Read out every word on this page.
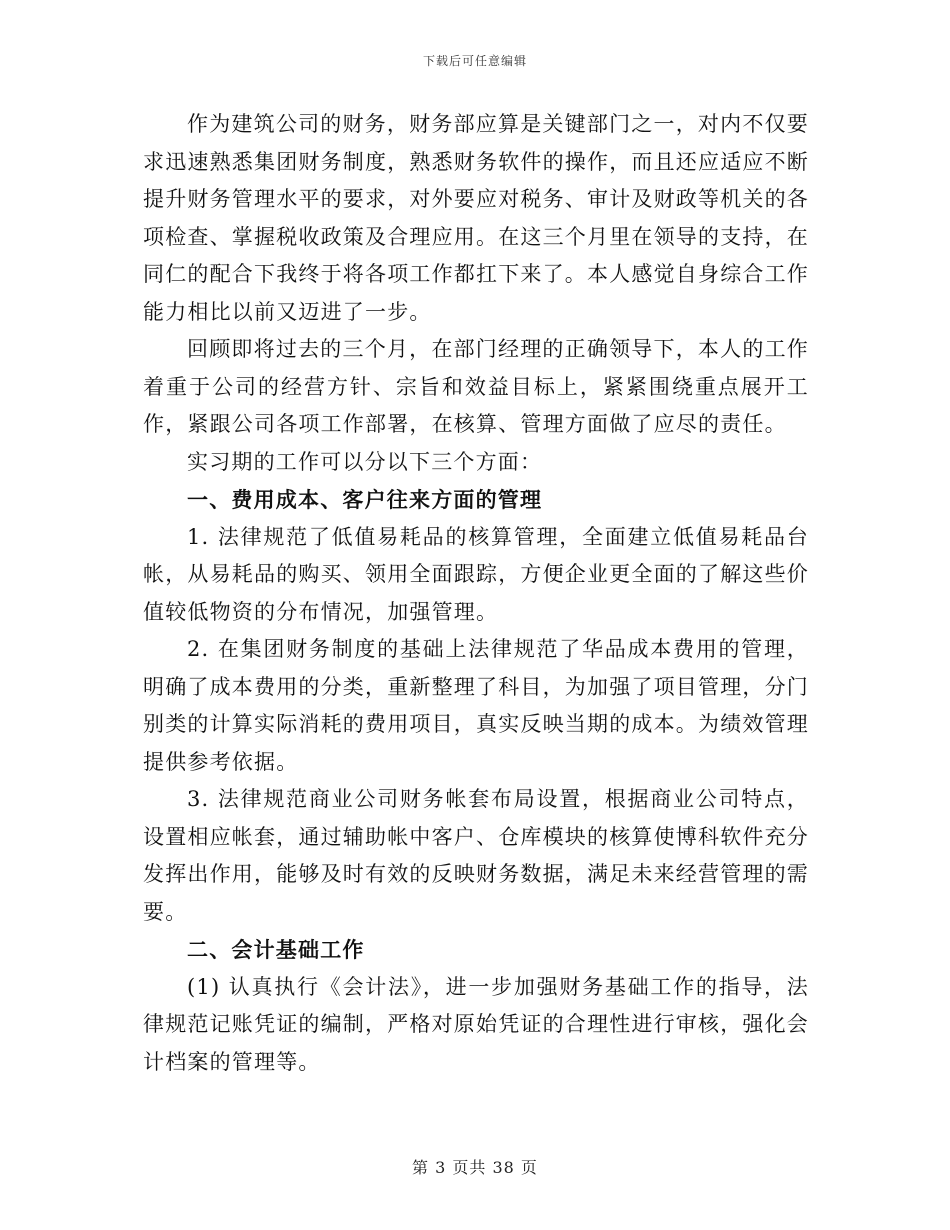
下载后可任意编辑

作为建筑公司的财务，财务部应算是关键部门之一，对内不仅要求迅速熟悉集团财务制度，熟悉财务软件的操作，而且还应适应不断提升财务管理水平的要求，对外要应对税务、审计及财政等机关的各项检查、掌握税收政策及合理应用。在这三个月里在领导的支持，在同仁的配合下我终于将各项工作都扛下来了。本人感觉自身综合工作能力相比以前又迈进了一步。

回顾即将过去的三个月，在部门经理的正确领导下，本人的工作着重于公司的经营方针、宗旨和效益目标上，紧紧围绕重点展开工作，紧跟公司各项工作部署，在核算、管理方面做了应尽的责任。

实习期的工作可以分以下三个方面：

一、费用成本、客户往来方面的管理

1. 法律规范了低值易耗品的核算管理，全面建立低值易耗品台帐，从易耗品的购买、领用全面跟踪，方便企业更全面的了解这些价值较低物资的分布情况，加强管理。

2. 在集团财务制度的基础上法律规范了华品成本费用的管理，明确了成本费用的分类，重新整理了科目，为加强了项目管理，分门别类的计算实际消耗的费用项目，真实反映当期的成本。为绩效管理提供参考依据。

3. 法律规范商业公司财务帐套布局设置，根据商业公司特点，设置相应帐套，通过辅助帐中客户、仓库模块的核算使博科软件充分发挥出作用，能够及时有效的反映财务数据，满足未来经营管理的需要。

二、会计基础工作

(1) 认真执行《会计法》，进一步加强财务基础工作的指导，法律规范记账凭证的编制，严格对原始凭证的合理性进行审核，强化会计档案的管理等。

第 3 页共 38 页
